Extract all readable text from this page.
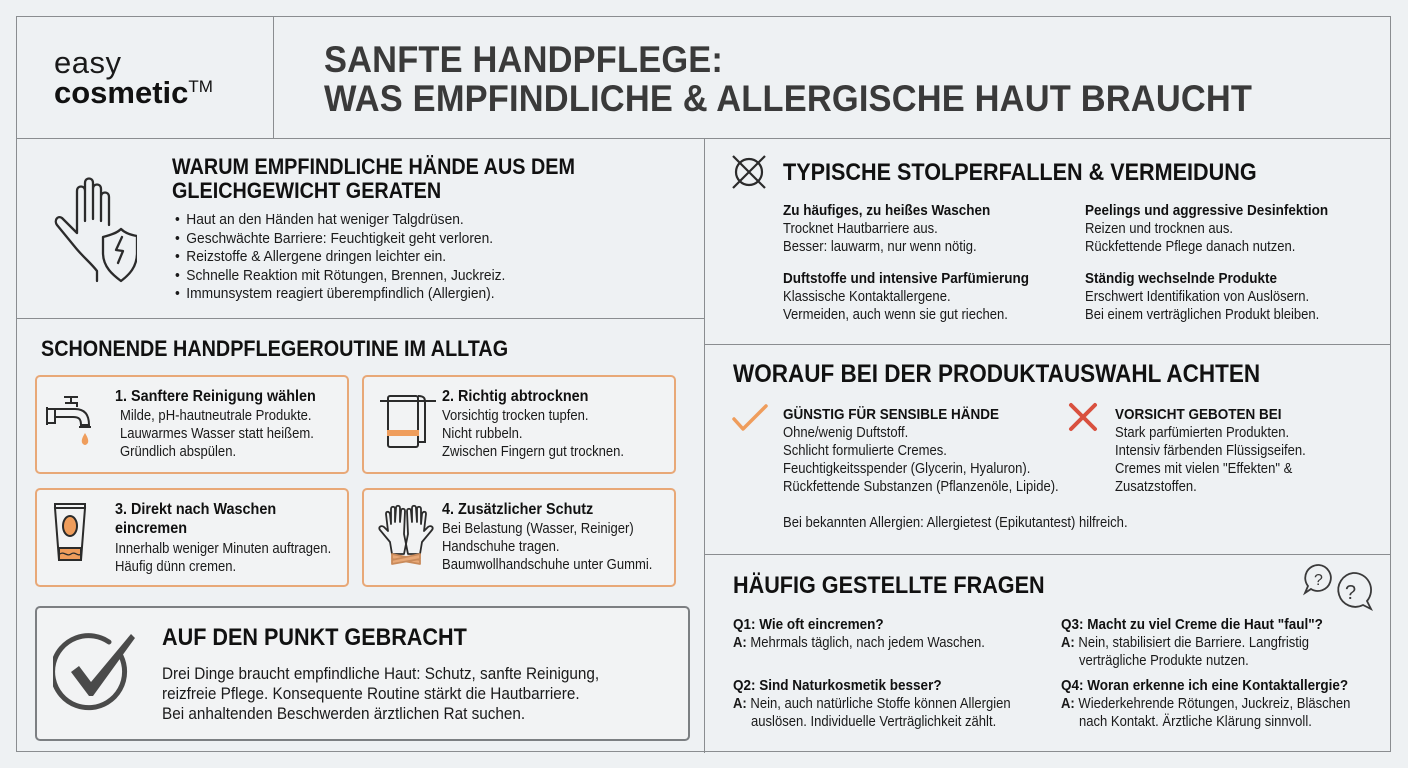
easy
cosmetic™
SANFTE HANDPFLEGE:
WAS EMPFINDLICHE & ALLERGISCHE HAUT BRAUCHT
WARUM EMPFINDLICHE HÄNDE AUS DEM
GLEICHGEWICHT GERATEN
• Haut an den Händen hat weniger Talgdrüsen.
• Geschwächte Barriere: Feuchtigkeit geht verloren.
• Reizstoffe & Allergene dringen leichter ein.
• Schnelle Reaktion mit Rötungen, Brennen, Juckreiz.
• Immunsystem reagiert überempfindlich (Allergien).
SCHONENDE HANDPFLEGEROUTINE IM ALLTAG
1. Sanftere Reinigung wählen
Milde, pH-hautneutrale Produkte.
Lauwarmes Wasser statt heißem.
Gründlich abspülen.
2. Richtig abtrocknen
Vorsichtig trocken tupfen.
Nicht rubbeln.
Zwischen Fingern gut trocknen.
3. Direkt nach Waschen
eincremen
Innerhalb weniger Minuten auftragen.
Häufig dünn cremen.
4. Zusätzlicher Schutz
Bei Belastung (Wasser, Reiniger)
Handschuhe tragen.
Baumwollhandschuhe unter Gummi.
AUF DEN PUNKT GEBRACHT
Drei Dinge braucht empfindliche Haut: Schutz, sanfte Reinigung,
reizfreie Pflege. Konsequente Routine stärkt die Hautbarriere.
Bei anhaltenden Beschwerden ärztlichen Rat suchen.
TYPISCHE STOLPERFALLEN & VERMEIDUNG
Zu häufiges, zu heißes Waschen
Trocknet Hautbarriere aus.
Besser: lauwarm, nur wenn nötig.
Peelings und aggressive Desinfektion
Reizen und trocknen aus.
Rückfettende Pflege danach nutzen.
Duftstoffe und intensive Parfümierung
Klassische Kontaktallergene.
Vermeiden, auch wenn sie gut riechen.
Ständig wechselnde Produkte
Erschwert Identifikation von Auslösern.
Bei einem verträglichen Produkt bleiben.
WORAUF BEI DER PRODUKTAUSWAHL ACHTEN
GÜNSTIG FÜR SENSIBLE HÄNDE
Ohne/wenig Duftstoff.
Schlicht formulierte Cremes.
Feuchtigkeitsspender (Glycerin, Hyaluron).
Rückfettende Substanzen (Pflanzenöle, Lipide).
VORSICHT GEBOTEN BEI
Stark parfümierten Produkten.
Intensiv färbenden Flüssigseifen.
Cremes mit vielen "Effekten" &
Zusatzstoffen.
Bei bekannten Allergien: Allergietest (Epikutantest) hilfreich.
HÄUFIG GESTELLTE FRAGEN	?
?
Q1: Wie oft eincremen?
A: Mehrmals täglich, nach jedem Waschen.
Q2: Sind Naturkosmetik besser?
A: Nein, auch natürliche Stoffe können Allergien
auslösen. Individuelle Verträglichkeit zählt.
Q3: Macht zu viel Creme die Haut "faul"?
A: Nein, stabilisiert die Barriere. Langfristig
verträgliche Produkte nutzen.
Q4: Woran erkenne ich eine Kontaktallergie?
A: Wiederkehrende Rötungen, Juckreiz, Bläschen
nach Kontakt. Ärztliche Klärung sinnvoll.
